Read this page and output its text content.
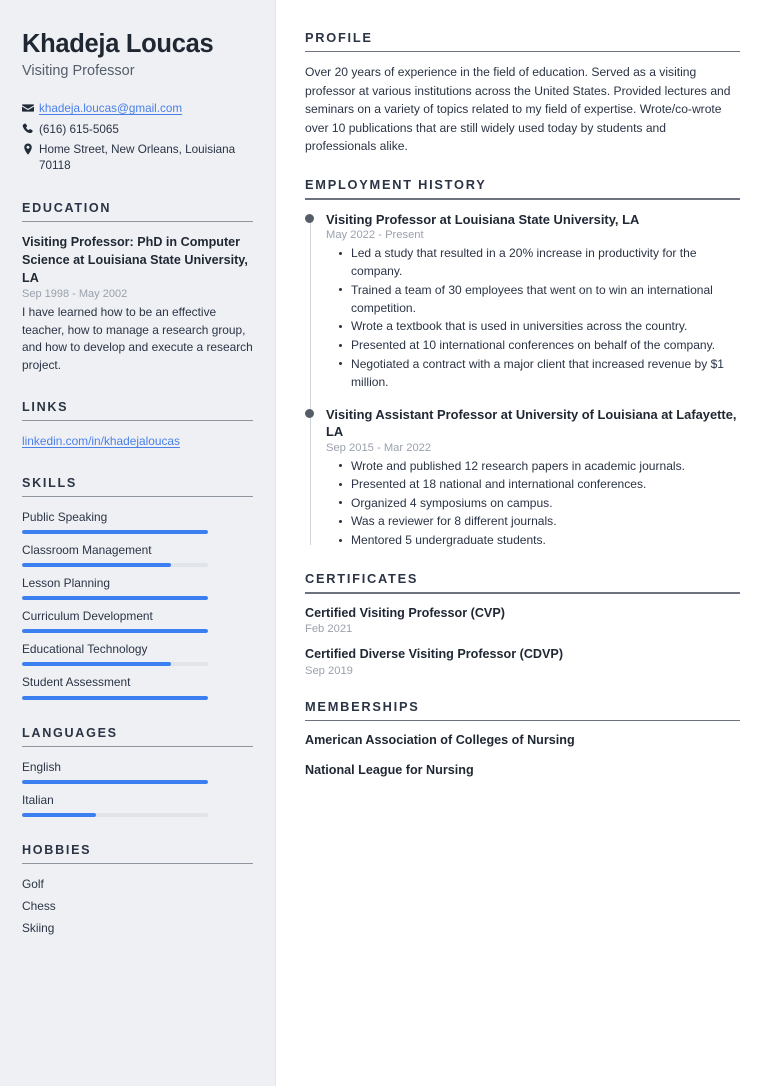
Khadeja Loucas
Visiting Professor
khadeja.loucas@gmail.com
(616) 615-5065
Home Street, New Orleans, Louisiana 70118
EDUCATION
Visiting Professor: PhD in Computer Science at Louisiana State University, LA
Sep 1998 - May 2002
I have learned how to be an effective teacher, how to manage a research group, and how to develop and execute a research project.
LINKS
linkedin.com/in/khadejaloucas
SKILLS
Public Speaking
Classroom Management
Lesson Planning
Curriculum Development
Educational Technology
Student Assessment
LANGUAGES
English
Italian
HOBBIES
Golf
Chess
Skiing
PROFILE
Over 20 years of experience in the field of education. Served as a visiting professor at various institutions across the United States. Provided lectures and seminars on a variety of topics related to my field of expertise. Wrote/co-wrote over 10 publications that are still widely used today by students and professionals alike.
EMPLOYMENT HISTORY
Visiting Professor at Louisiana State University, LA
May 2022 - Present
Led a study that resulted in a 20% increase in productivity for the company.
Trained a team of 30 employees that went on to win an international competition.
Wrote a textbook that is used in universities across the country.
Presented at 10 international conferences on behalf of the company.
Negotiated a contract with a major client that increased revenue by $1 million.
Visiting Assistant Professor at University of Louisiana at Lafayette, LA
Sep 2015 - Mar 2022
Wrote and published 12 research papers in academic journals.
Presented at 18 national and international conferences.
Organized 4 symposiums on campus.
Was a reviewer for 8 different journals.
Mentored 5 undergraduate students.
CERTIFICATES
Certified Visiting Professor (CVP)
Feb 2021
Certified Diverse Visiting Professor (CDVP)
Sep 2019
MEMBERSHIPS
American Association of Colleges of Nursing
National League for Nursing
